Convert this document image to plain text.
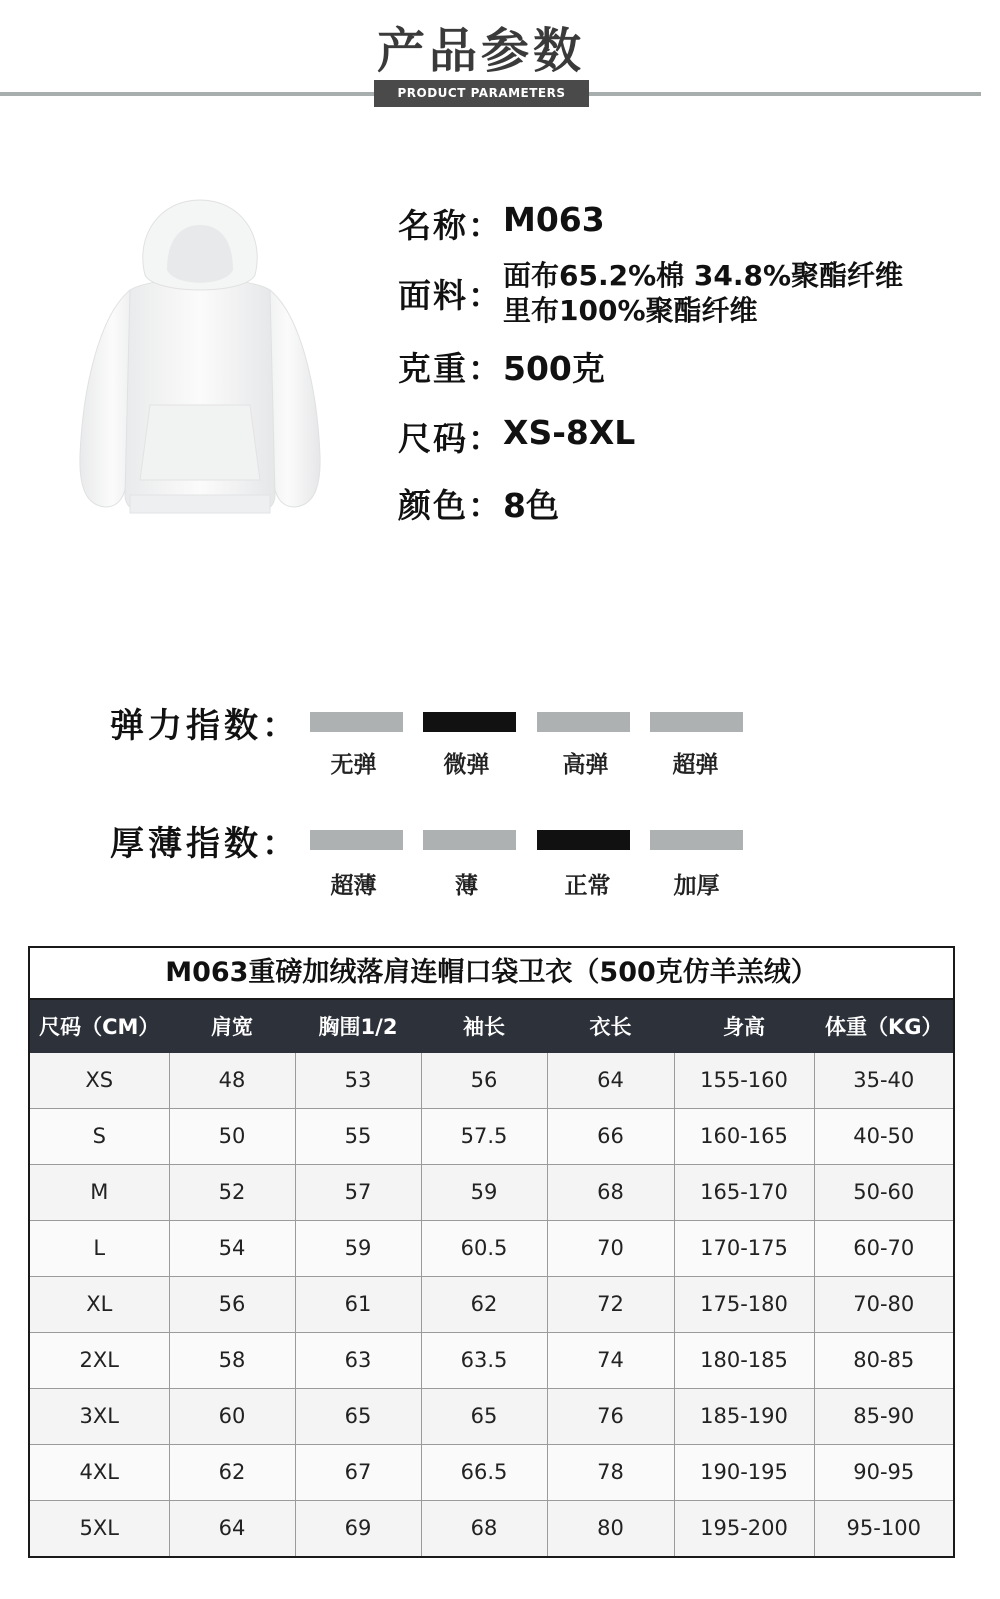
产品参数
PRODUCT PARAMETERS
名称： M063
面料： 面布65.2%棉 34.8%聚酯纤维
里布100%聚酯纤维
克重： 500克
尺码： XS-8XL
颜色： 8色
弹力指数：
无弹	微弹	高弹	超弹
厚薄指数：
超薄	薄	正常	加厚
M063重磅加绒落肩连帽口袋卫衣（500克仿羊羔绒）
尺码（CM）	肩宽	胸围1/2	袖长	衣长	身高	体重（KG）
XS	48	53	56	64	155-160	35-40
S	50	55	57.5	66	160-165	40-50
M	52	57	59	68	165-170	50-60
L	54	59	60.5	70	170-175	60-70
XL	56	61	62	72	175-180	70-80
2XL	58	63	63.5	74	180-185	80-85
3XL	60	65	65	76	185-190	85-90
4XL	62	67	66.5	78	190-195	90-95
5XL	64	69	68	80	195-200	95-100
